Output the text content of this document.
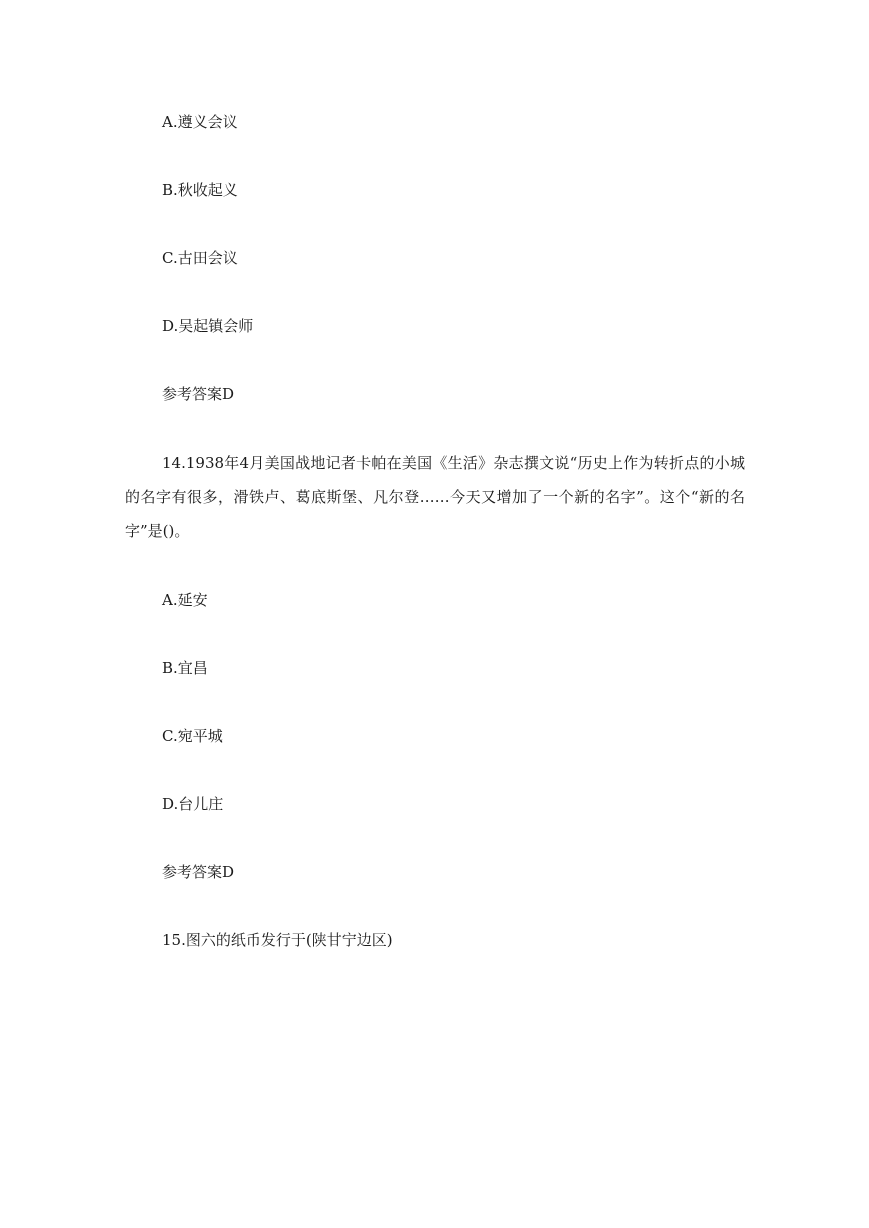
A.遵义会议
B.秋收起义
C.古田会议
D.吴起镇会师
参考答案D
14.1938年4月美国战地记者卡帕在美国《生活》杂志撰文说“历史上作为转折点的小城的名字有很多，滑铁卢、葛底斯堡、凡尔登……今天又增加了一个新的名字”。这个“新的名字”是()。
A.延安
B.宜昌
C.宛平城
D.台儿庄
参考答案D
15.图六的纸币发行于(陕甘宁边区)
